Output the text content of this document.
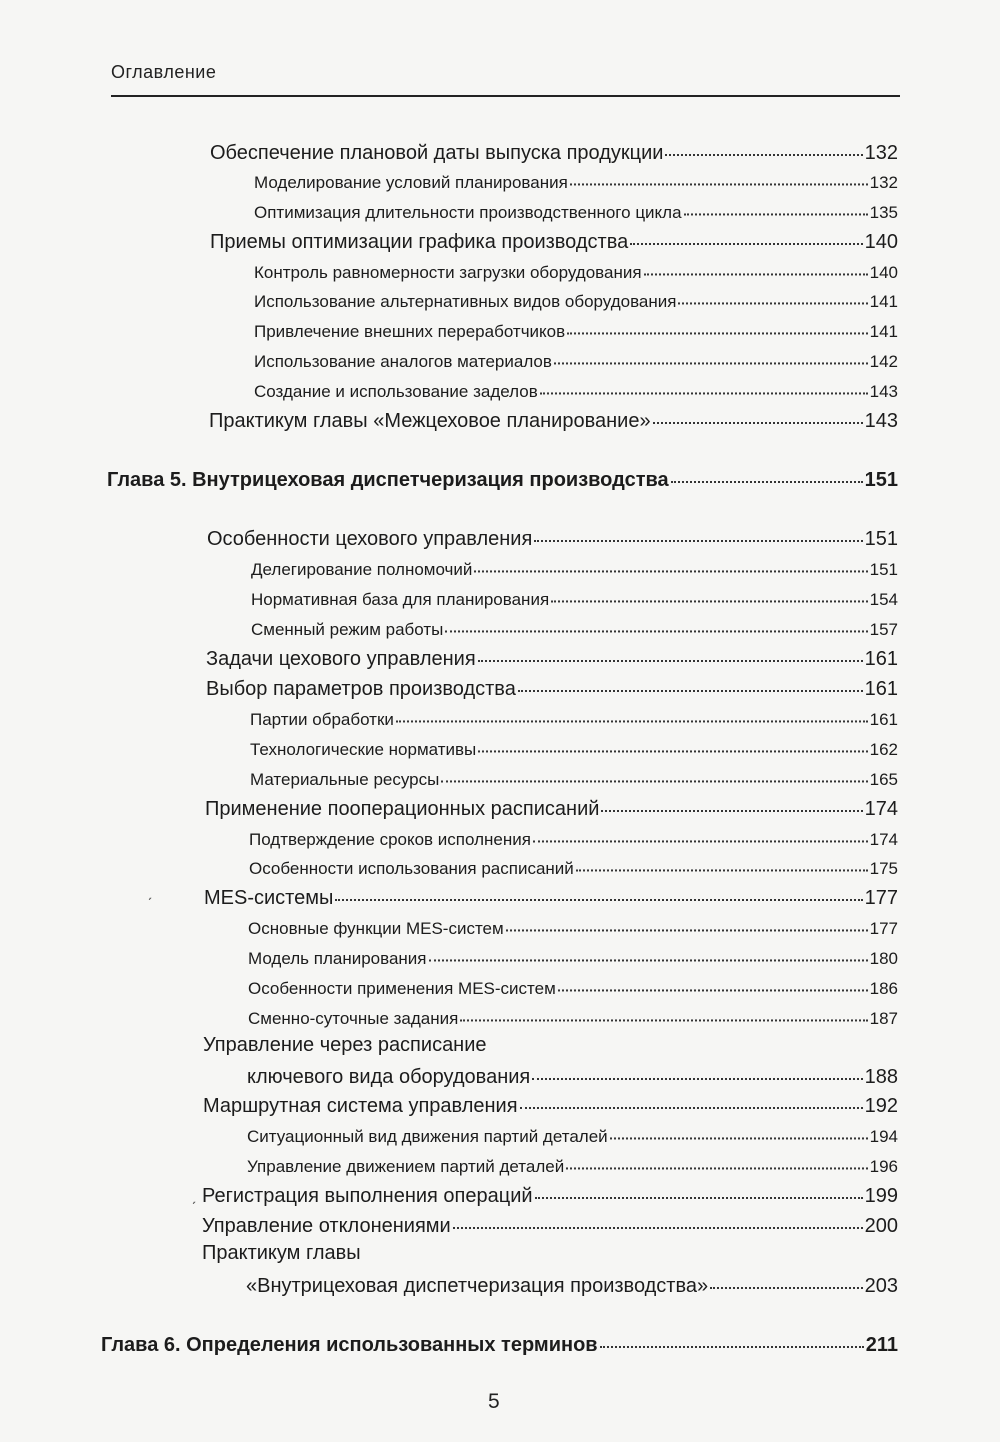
Оглавление
Обеспечение плановой даты выпуска продукции	132
Моделирование условий планирования	132
Оптимизация длительности производственного цикла	135
Приемы оптимизации графика производства	140
Контроль равномерности загрузки оборудования	140
Использование альтернативных видов оборудования	141
Привлечение внешних переработчиков	141
Использование аналогов материалов	142
Создание и использование заделов	143
Практикум главы «Межцеховое планирование»	143
Глава 5. Внутрицеховая диспетчеризация производства	151
Особенности цехового управления	151
Делегирование полномочий	151
Нормативная база для планирования	154
Сменный режим работы	157
Задачи цехового управления	161
Выбор параметров производства	161
Партии обработки	161
Технологические нормативы	162
Материальные ресурсы	165
Применение пооперационных расписаний	174
Подтверждение сроков исполнения	174
Особенности использования расписаний	175
MES-системы	177
Основные функции MES-систем	177
Модель планирования	180
Особенности применения MES-систем	186
Сменно-суточные задания	187
Управление через расписание
ключевого вида оборудования	188
Маршрутная система управления	192
Ситуационный вид движения партий деталей	194
Управление движением партий деталей	196
Регистрация выполнения операций	199
Управление отклонениями	200
Практикум главы
«Внутрицеховая диспетчеризация производства»	203
Глава 6. Определения использованных терминов	211
5
ˏ
ˏ
